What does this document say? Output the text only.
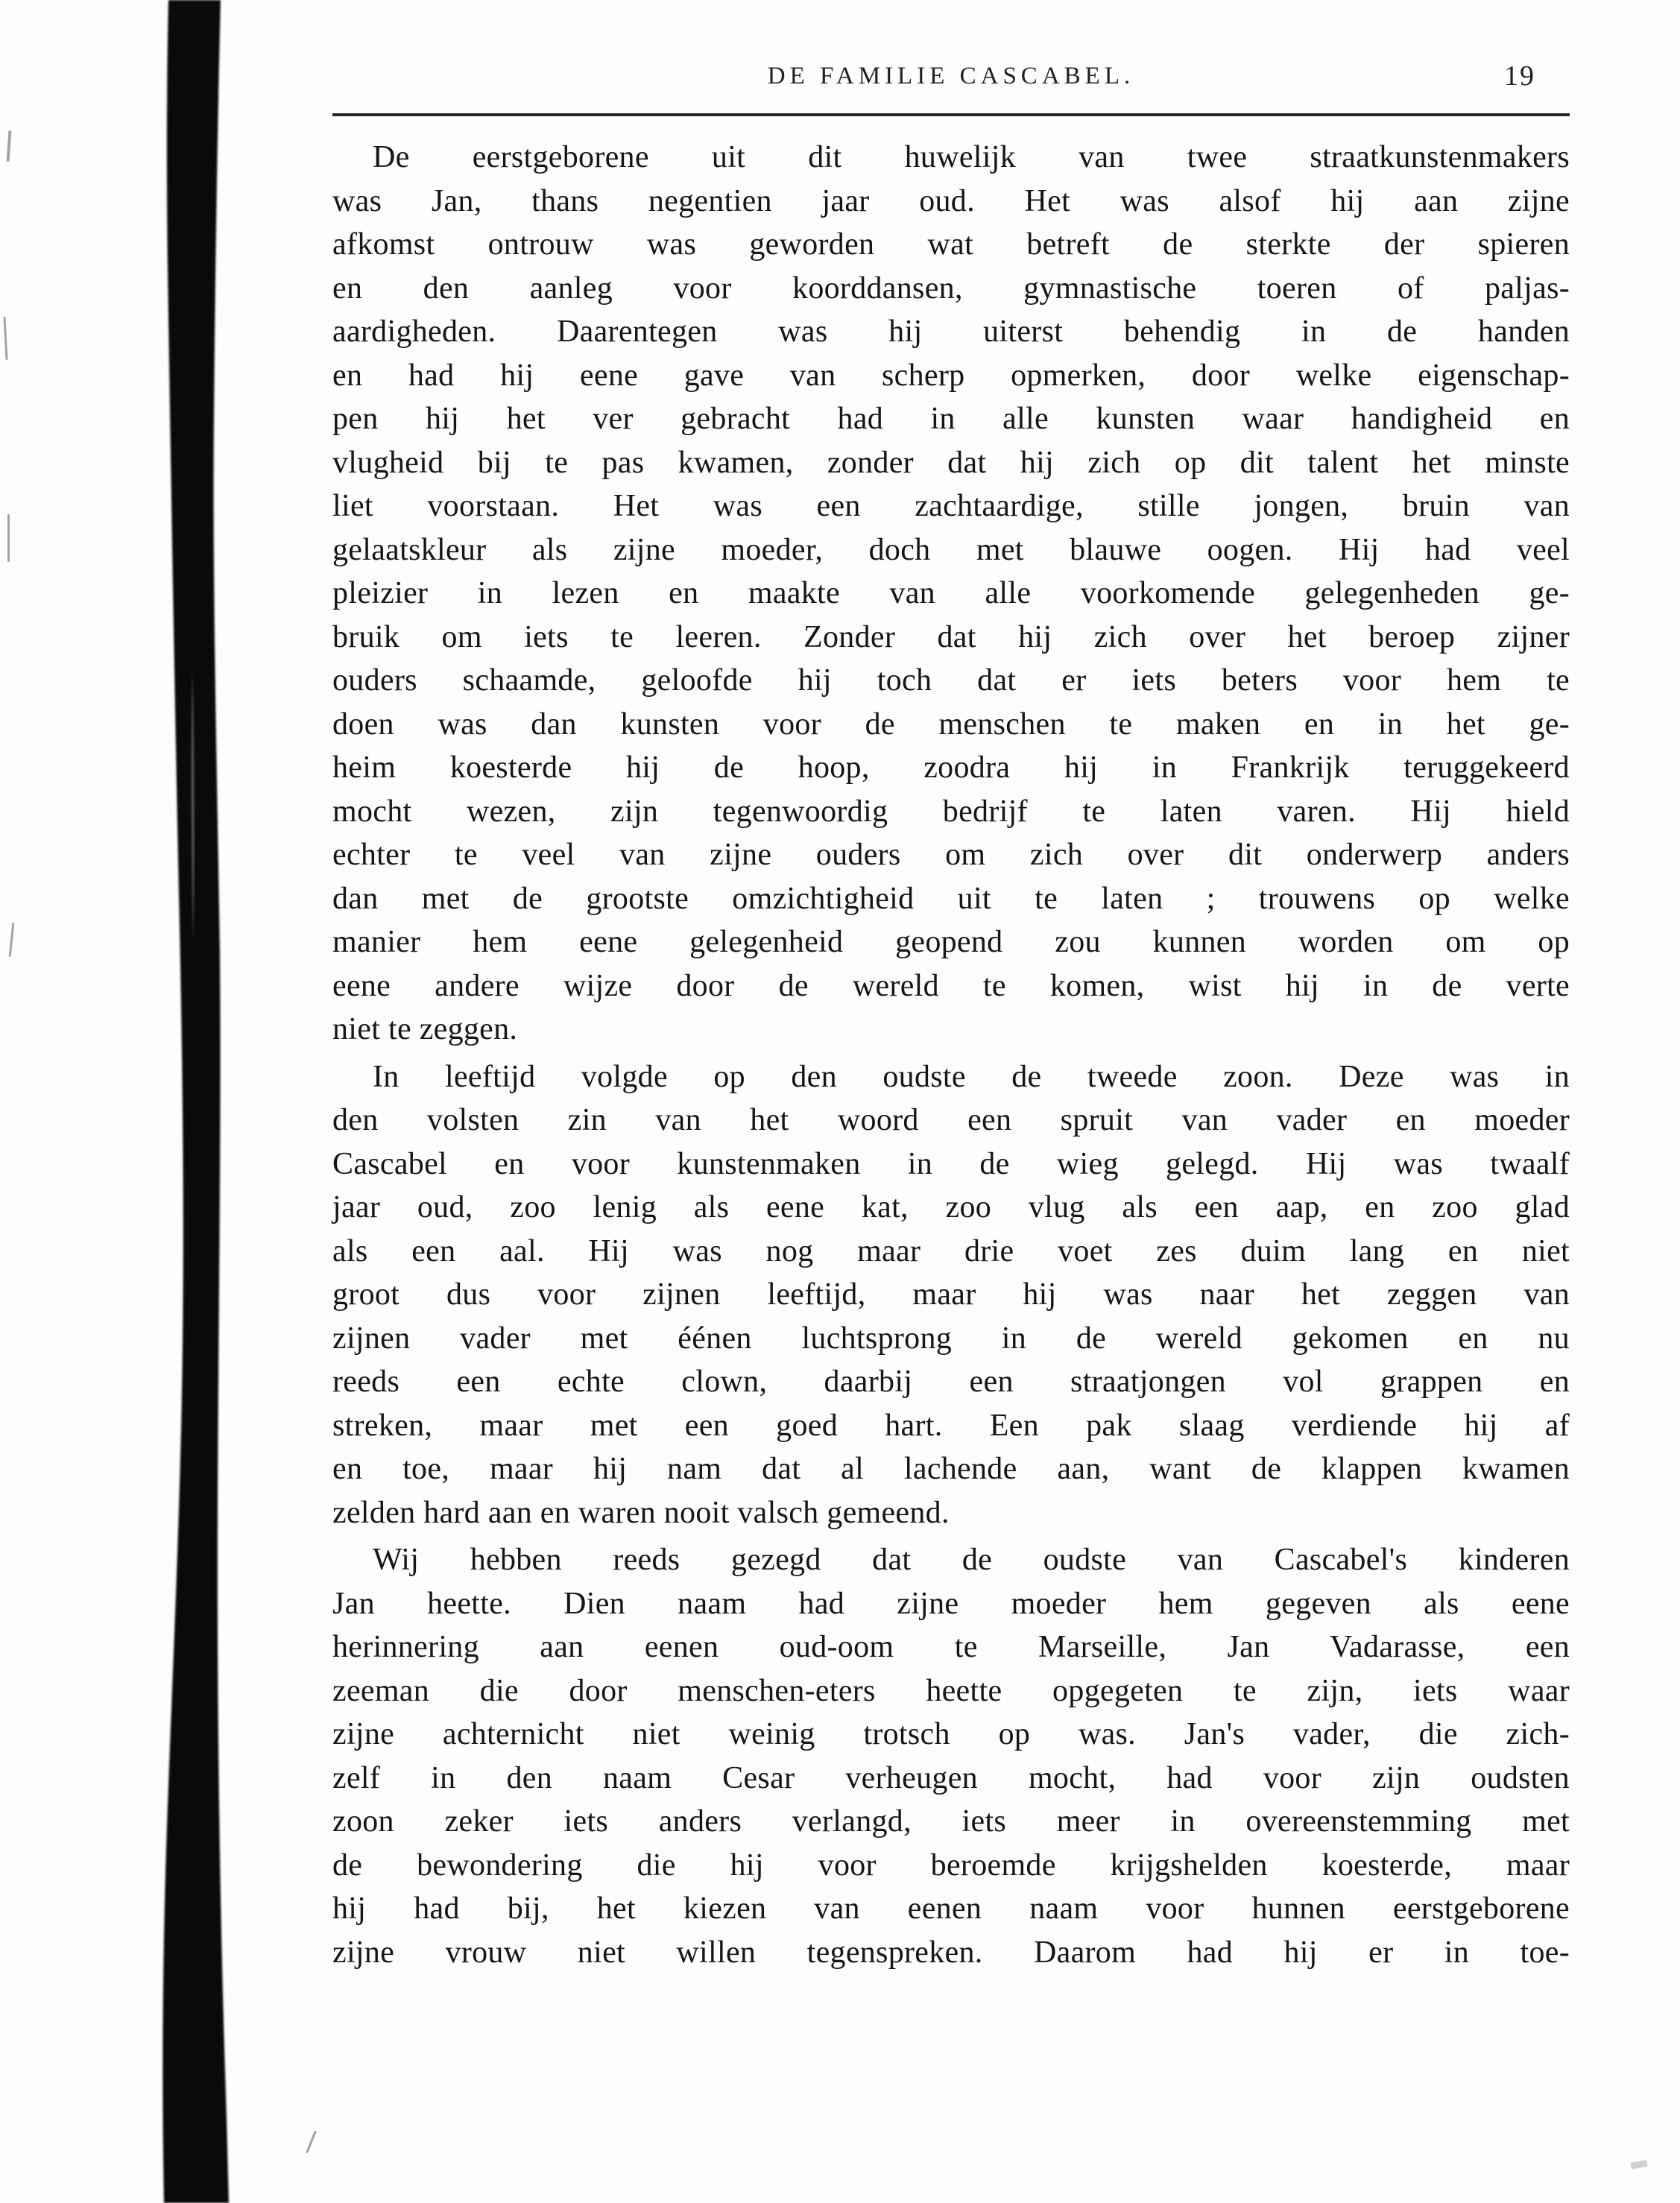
DE FAMILIE CASCABEL.	19

De eerstgeborene uit dit huwelijk van twee straatkunstenmakers
was Jan, thans negentien jaar oud. Het was alsof hij aan zijne
afkomst ontrouw was geworden wat betreft de sterkte der spieren
en den aanleg voor koorddansen, gymnastische toeren of paljas-
aardigheden. Daarentegen was hij uiterst behendig in de handen
en had hij eene gave van scherp opmerken, door welke eigenschap-
pen hij het ver gebracht had in alle kunsten waar handigheid en
vlugheid bij te pas kwamen, zonder dat hij zich op dit talent het minste
liet voorstaan. Het was een zachtaardige, stille jongen, bruin van
gelaatskleur als zijne moeder, doch met blauwe oogen. Hij had veel
pleizier in lezen en maakte van alle voorkomende gelegenheden ge-
bruik om iets te leeren. Zonder dat hij zich over het beroep zijner
ouders schaamde, geloofde hij toch dat er iets beters voor hem te
doen was dan kunsten voor de menschen te maken en in het ge-
heim koesterde hij de hoop, zoodra hij in Frankrijk teruggekeerd
mocht wezen, zijn tegenwoordig bedrijf te laten varen. Hij hield
echter te veel van zijne ouders om zich over dit onderwerp anders
dan met de grootste omzichtigheid uit te laten ; trouwens op welke
manier hem eene gelegenheid geopend zou kunnen worden om op
eene andere wijze door de wereld te komen, wist hij in de verte
niet te zeggen.

In leeftijd volgde op den oudste de tweede zoon. Deze was in
den volsten zin van het woord een spruit van vader en moeder
Cascabel en voor kunstenmaken in de wieg gelegd. Hij was twaalf
jaar oud, zoo lenig als eene kat, zoo vlug als een aap, en zoo glad
als een aal. Hij was nog maar drie voet zes duim lang en niet
groot dus voor zijnen leeftijd, maar hij was naar het zeggen van
zijnen vader met éénen luchtsprong in de wereld gekomen en nu
reeds een echte clown, daarbij een straatjongen vol grappen en
streken, maar met een goed hart. Een pak slaag verdiende hij af
en toe, maar hij nam dat al lachende aan, want de klappen kwamen
zelden hard aan en waren nooit valsch gemeend.

Wij hebben reeds gezegd dat de oudste van Cascabel's kinderen
Jan heette. Dien naam had zijne moeder hem gegeven als eene
herinnering aan eenen oud-oom te Marseille, Jan Vadarasse, een
zeeman die door menschen-eters heette opgegeten te zijn, iets waar
zijne achternicht niet weinig trotsch op was. Jan's vader, die zich-
zelf in den naam Cesar verheugen mocht, had voor zijn oudsten
zoon zeker iets anders verlangd, iets meer in overeenstemming met
de bewondering die hij voor beroemde krijgshelden koesterde, maar
hij had bij, het kiezen van eenen naam voor hunnen eerstgeborene
zijne vrouw niet willen tegenspreken. Daarom had hij er in toe-
